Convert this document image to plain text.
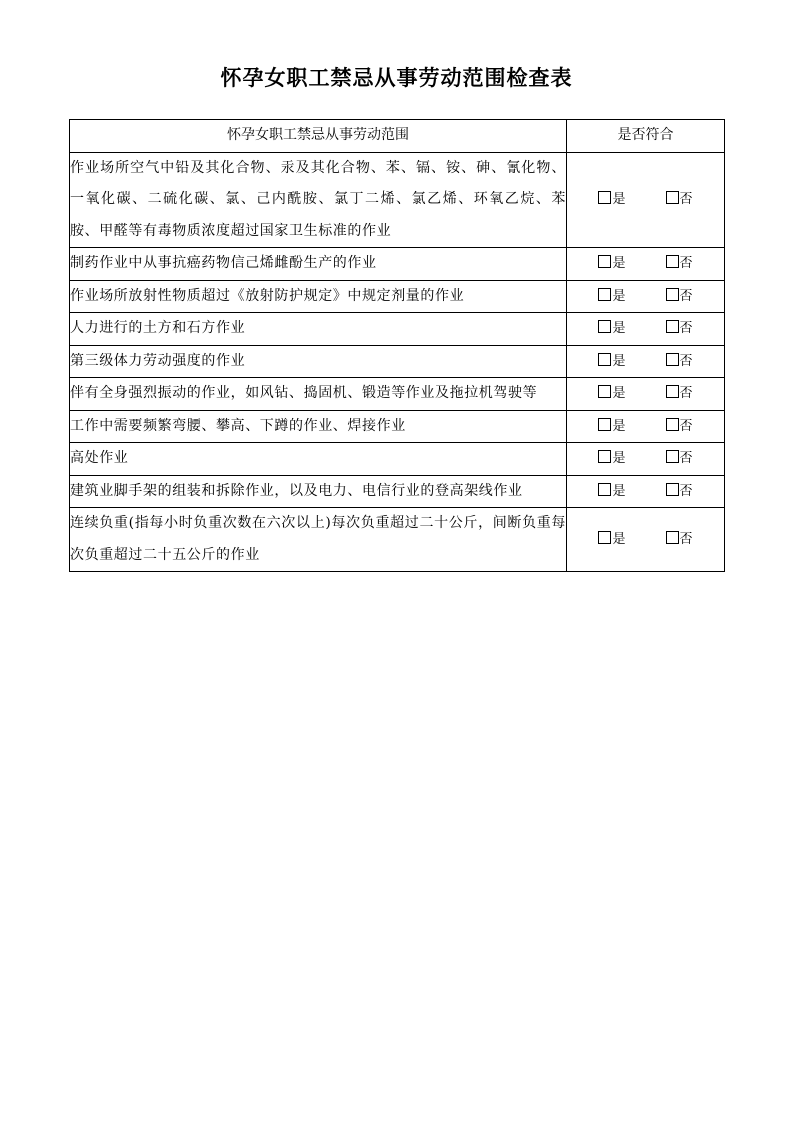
怀孕女职工禁忌从事劳动范围检查表
怀孕女职工禁忌从事劳动范围	是否符合
作业场所空气中铅及其化合物、汞及其化合物、苯、镉、铵、砷、氰化物、一氧化碳、二硫化碳、氯、己内酰胺、氯丁二烯、氯乙烯、环氧乙烷、苯胺、甲醛等有毒物质浓度超过国家卫生标准的作业	是 否
制药作业中从事抗癌药物信己烯雌酚生产的作业	是 否
作业场所放射性物质超过《放射防护规定》中规定剂量的作业	是 否
人力进行的土方和石方作业	是 否
第三级体力劳动强度的作业	是 否
伴有全身强烈振动的作业，如风钻、捣固机、锻造等作业及拖拉机驾驶等	是 否
工作中需要频繁弯腰、攀高、下蹲的作业、焊接作业	是 否
高处作业	是 否
建筑业脚手架的组装和拆除作业，以及电力、电信行业的登高架线作业	是 否
连续负重(指每小时负重次数在六次以上)每次负重超过二十公斤，间断负重每次负重超过二十五公斤的作业	是 否
